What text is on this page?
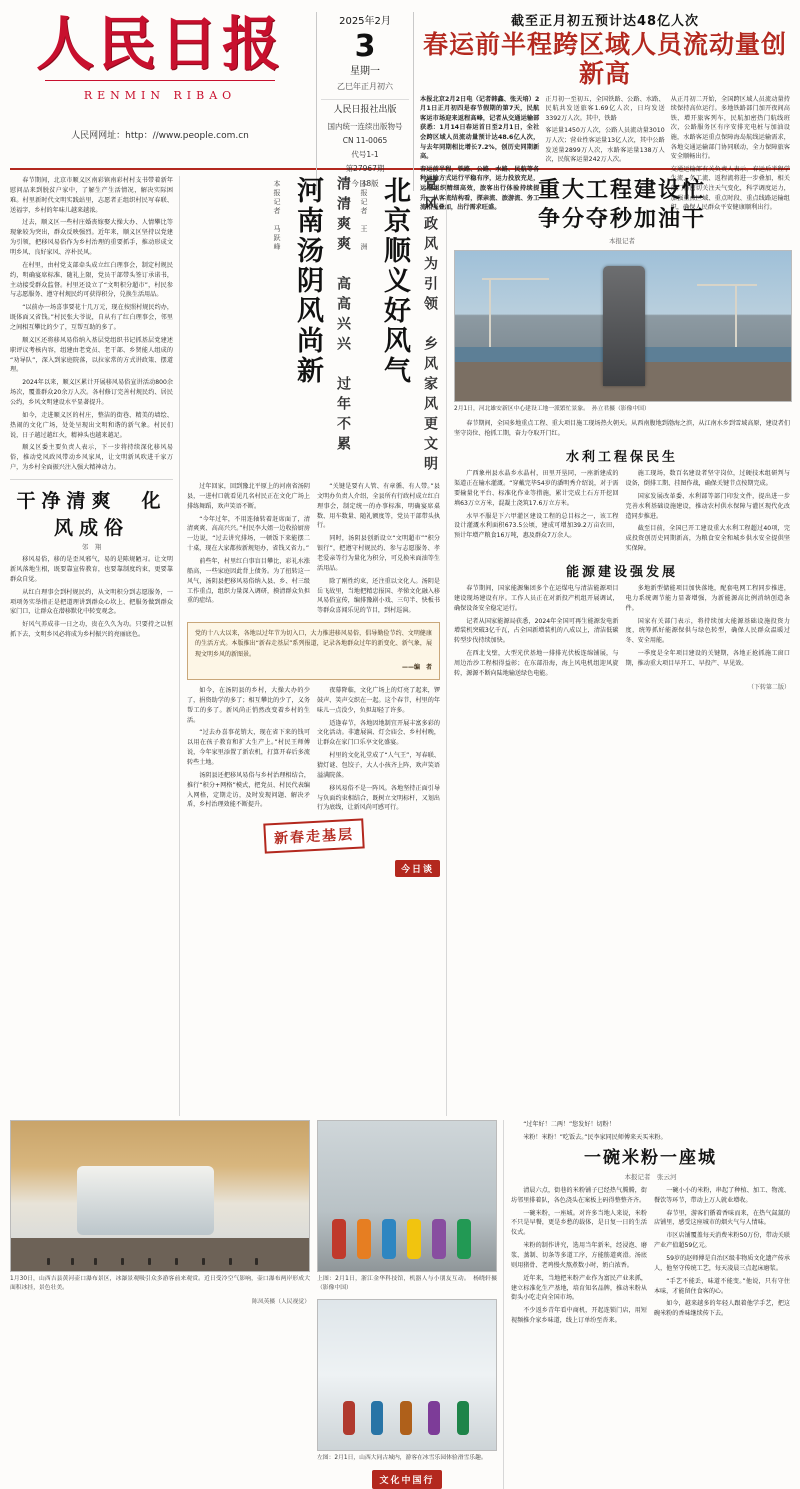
人民日报
RENMIN RIBAO
人民网网址：http：//www.people.com.cn
2025年2月
3
星期一
乙巳年正月初六
人民日报社出版
国内统一连续出版物号
CN 11-0065
代号1-1
第27967期
今日8版
截至正月初五预计达48亿人次
春运前半程跨区域人员流动量创新高

本报北京2月2日电（记者韩鑫、张天培）2月1日正月初四是春节假期的第7天，民航客运市场迎来返程高峰，记者从交通运输部获悉：1月14日春运首日至2月1日，全社会跨区域人员流动量预计达48.6亿人次，与去年同期相比增长7.2%，创历史同期新高。

春运前半程，铁路、公路、水路、民航等各种运输方式运行平稳有序，运力投放充足，运输组织精细高效，旅客出行体验持续提升。从客流结构看，探亲流、旅游流、务工流相互叠加，出行需求旺盛。

正月初一至初五，全国铁路、公路、水路、民航共发送旅客1.69亿人次，日均发送3392万人次。其中，铁路

客运量1450万人次，公路人员流动量3010万人次；营业性客运量13亿人次，其中公路发送量2899万人次，水路客运量138万人次，民航客运量242万人次。

从正月初二开始，全国跨区域人员流动量持续保持高位运行。多地铁路部门加开夜间高铁、增开旅客列车，民航加密热门航线班次，公路服务区有序安排充电桩与加油设施，水路客运重点保障海岛航线运输需求，各地交通运输部门协同联动，全力保障旅客安全顺畅出行。

交通运输部有关负责人表示，春运后半程学生流、务工流、返程流将进一步叠加，相关部门将密切关注天气变化，科学调度运力，加强重点区域、重点时段、重点线路运输组织，确保人民群众平安健康顺利出行。

春节期间，北京市顺义区南彩镇南彩村村支书带着新年慰问品来到脱贫户家中，了解生产生活情况，解决实际困难。村里新时代文明实践站里，志愿者正组织村民写春联、送福字，乡村的年味儿越来越浓。

过去，顺义区一些村庄婚丧嫁娶大操大办、人情攀比等现象较为突出，群众反映强烈。近年来，顺义区坚持以党建为引领，把移风易俗作为乡村治理的重要抓手，推动形成文明乡风、良好家风、淳朴民风。

在村里，由村党支部牵头成立红白理事会，制定村规民约，明确宴席标准、随礼上限，党员干部带头签订承诺书，主动接受群众监督。村里还设立了“文明积分超市”，村民参与志愿服务、遵守村规民约可获得积分，兑换生活用品。

“以前办一场喜事要花十几万元，现在按照村规民约办，既体面又省钱。”村民张大爷说，自从有了红白理事会，邻里之间相互攀比的少了，互帮互助的多了。

顺义区还将移风易俗纳入基层党组织书记抓基层党建述职评议考核内容，组建由老党员、老干部、乡贤能人组成的“劝导队”，深入到家庭院落，以拉家常的方式讲政策、摆道理。

2024年以来，顺义区累计开展移风易俗宣讲活动800余场次，覆盖群众20余万人次。各村修订完善村规民约、居民公约，乡风文明建设水平显著提升。

如今，走进顺义区的村庄，整洁的街巷、精美的墙绘、热闹的文化广场，处处呈现出文明和谐的新气象。村民们说，日子越过越红火，精神头也越来越足。

顺义区委主要负责人表示，下一步将持续深化移风易俗，推动党风政风带动乡风家风，让文明新风吹进千家万户，为乡村全面振兴注入强大精神动力。

干净清爽　化风成俗
邻　翔

移风易俗，移的是歪风邪气，易的是陈规陋习。让文明新风落地生根，既要靠宣传教育，也要靠制度约束，更要靠群众自觉。

从红白理事会到村规民约，从文明积分到志愿服务，一项项务实举措正是把道理讲到群众心坎上、把服务做到群众家门口，让群众在潜移默化中转变观念。

好风气养成非一日之功，贵在久久为功。只要持之以恒抓下去，文明乡风必将成为乡村振兴的亮丽底色。

本报记者　马跃峰 河南汤阴风尚新 清清爽爽　高高兴兴　过年不累 本报记者　王　洲 北京顺义好风气 党风政风为引领　乡风家风更文明

过年回家，回到豫北平原上的河南省汤阴县，一进村口就看见几名村民正在文化广场上排练舞蹈，欢声笑语不断。

“今年过年，不用连轴转着赶席面了，清清爽爽、高高兴兴。”村民李大姐一边收拾厨房一边说，“过去讲究排场，一顿饭下来能摆二十桌，现在大家都按新规矩办，省钱又省力。”

前些年，村里红白事盲目攀比，彩礼水涨船高，一些家庭因此背上债务。为了扭转这一风气，汤阴县把移风易俗纳入县、乡、村三级工作重点，组织力量深入调研，摸清群众负担重的症结。

“关键是要有人管、有章循、有人带。”县文明办负责人介绍，全县所有行政村成立红白理事会，制定统一的办事标准，明确宴席桌数、用车数量、随礼额度等，党员干部带头执行。

同时，汤阴县创新设立“文明超市”“积分银行”，把遵守村规民约、参与志愿服务、孝老爱亲等行为量化为积分，可兑换米面油等生活用品。

除了刚性约束，还注重以文化人。汤阴是岳飞故里，当地把精忠报国、孝悌文化融入移风易俗宣传，编排豫剧小戏、三句半、快板书等群众喜闻乐见的节目，到村巡演。

党的十八大以来，各地以过年节为切入口，大力推进移风易俗，倡导勤俭节约、文明健康的生活方式。本版推出“新春走基层”系列报道，记录各地群众过年的新变化、新气象，展现文明乡风的新图景。
——编　者

如今，在汤阴县的乡村，大操大办的少了，捐资助学的多了；相互攀比的少了，义务帮工的多了。新风尚正悄然改变着乡村的生活。

“过去办喜事花销大，现在省下来的钱可以用在孩子教育和扩大生产上。”村民王师傅说，今年家里添置了新农机，打算开春后多流转些土地。

汤阴县还把移风易俗与乡村治理相结合，推行“积分+网格”模式，把党员、村民代表编入网格，定期走访，及时发现问题、解决矛盾，乡村治理效能不断提升。

夜幕降临，文化广场上的灯亮了起来，锣鼓声、笑声交织在一起。这个春节，村里的年味儿一点没少，负担却轻了许多。

适逢春节，各地因地制宜开展丰富多彩的文化活动。非遗展演、灯会庙会、乡村村晚，让群众在家门口乐享文化盛宴。

村里的文化礼堂成了“人气王”，写春联、猜灯谜、包饺子，大人小孩齐上阵，欢声笑语溢满院落。

移风易俗不是一阵风。各地坚持正面引导与负面约束相结合，既树立文明标杆，又划出行为底线，让新风尚可感可行。

新春走基层
今日谈
重大工程建设忙
争分夺秒加油干
本报记者
2月1日，河北雄安新区中心建设工地一派繁忙景象。　孙立君摄（影像中国）

春节期间，全国多地重点工程、重大项目施工现场热火朝天。从西南腹地到渤海之滨，从江南水乡到雪域高原，建设者们坚守岗位、抢抓工期，奋力夺取开门红。

水利工程保民生

广西象州县水晶乡水晶村，田里开垦同，一座新建成的渠道正在输水灌溉。“穿戴完毕54岁的潘明秀介绍说，对于需要输量化平台、标准化作业等措施，累计完成土石方开挖回填63万立方米，混凝土浇筑17.6万立方米。

水旱不服是下六甲灌区建设工程的总目标之一，该工程设计灌溉水利面积673.5公顷，建成可增加39.2万亩农田，预计年增产粮食16万吨，惠及群众7万余人。

施工现场，数百名建设者坚守岗位，过硬技术组研判与设备，倒排工期、挂图作战，确保关键节点按期完成。

国家发展改革委、水利部等部门印发文件，提出进一步完善水利基础设施建设，推动农村供水保障与灌区现代化改造同步推进。

截至目前，全国已开工建设重大水利工程超过40项，完成投资创历史同期新高，为粮食安全和城乡供水安全提供坚实保障。

能源建设强发展

春节期间，国家能源集团多个在运煤电与清洁能源项目建设现场建设有序。工作人员正在对新投产机组开展调试，确保设备安全稳定运行。

记者从国家能源局获悉，2024年全国可再生能源发电新增装机突破3亿千瓦，占全国新增装机的八成以上，清洁低碳转型步伐持续加快。

在西北戈壁，大型光伏基地一排排光伏板连绵铺展，与周边治沙工程相得益彰；在东部沿海，海上风电机组迎风旋转，源源不断向陆地输送绿色电能。

多地新型储能项目加快落地，配套电网工程同步推进，电力系统调节能力显著增强，为新能源高比例消纳创造条件。

国家有关部门表示，将持续加大能源基础设施投资力度，统筹抓好能源保供与绿色转型，确保人民群众温暖过冬、安全用能。

一季度是全年项目建设的关键期，各地正抢抓施工窗口期，推动重大项目早开工、早投产、早见效。

（下转第二版）
1月30日，山西吉县黄河壶口瀑布景区，冰瀑景观吸引众多游客前来观赏。近日受冷空气影响，壶口瀑布两岸形成大面积冰挂，景色壮美。
陈凤英摄（人民视觉）
上图：2月1日，浙江金华科技馆，机器人与小朋友互动。　杨晓轩摄（影像中国）
左图：2月1日，山西大同古城内，游客在冰雪乐园体验滑雪乐趣。
文化中国行

“过年好！二两！”您发好！切粉！

米粉！米粉！”吃饭去。”民李家同民师傅来天买米粉。

一碗米粉一座城
本报记者　张云河

清晨六点，街巷的米粉铺子已经热气腾腾，街坊邻里排着队，各色浇头在案板上码得整整齐齐。

一碗米粉，一座城。对许多当地人来说，米粉不只是早餐，更是乡愁的载体，是日复一日的生活仪式。

米粉的制作讲究，选用当年新米，经浸泡、磨浆、蒸制、切条等多道工序，方能筋道爽滑。汤底则用猪骨、老鸡慢火熬煮数小时，奶白浓香。

近年来，当地把米粉产业作为富民产业来抓，建立标准化生产基地，培育知名品牌，推动米粉从街头小吃走向全国市场。

不少返乡青年看中商机，开起连锁门店，用短视频推介家乡味道，线上订单纷至沓来。

一碗小小的米粉，串起了种植、加工、物流、餐饮等环节，带动上万人就业增收。

春节里，游客们循着香味而来，在热气氤氲的店铺里，感受这座城市的烟火气与人情味。

市区店铺覆盖每天消费米粉50万份，带动关联产业产值超59亿元。

59岁的赵师傅是自治区级非物质文化遗产传承人，他坚守传统工艺，每天凌晨三点起床磨浆。

“手艺不能丢，味道不能变。”他说，只有守住本味，才能留住食客的心。

如今，越来越多的年轻人跟着他学手艺，把这碗米粉的香味继续传下去。
